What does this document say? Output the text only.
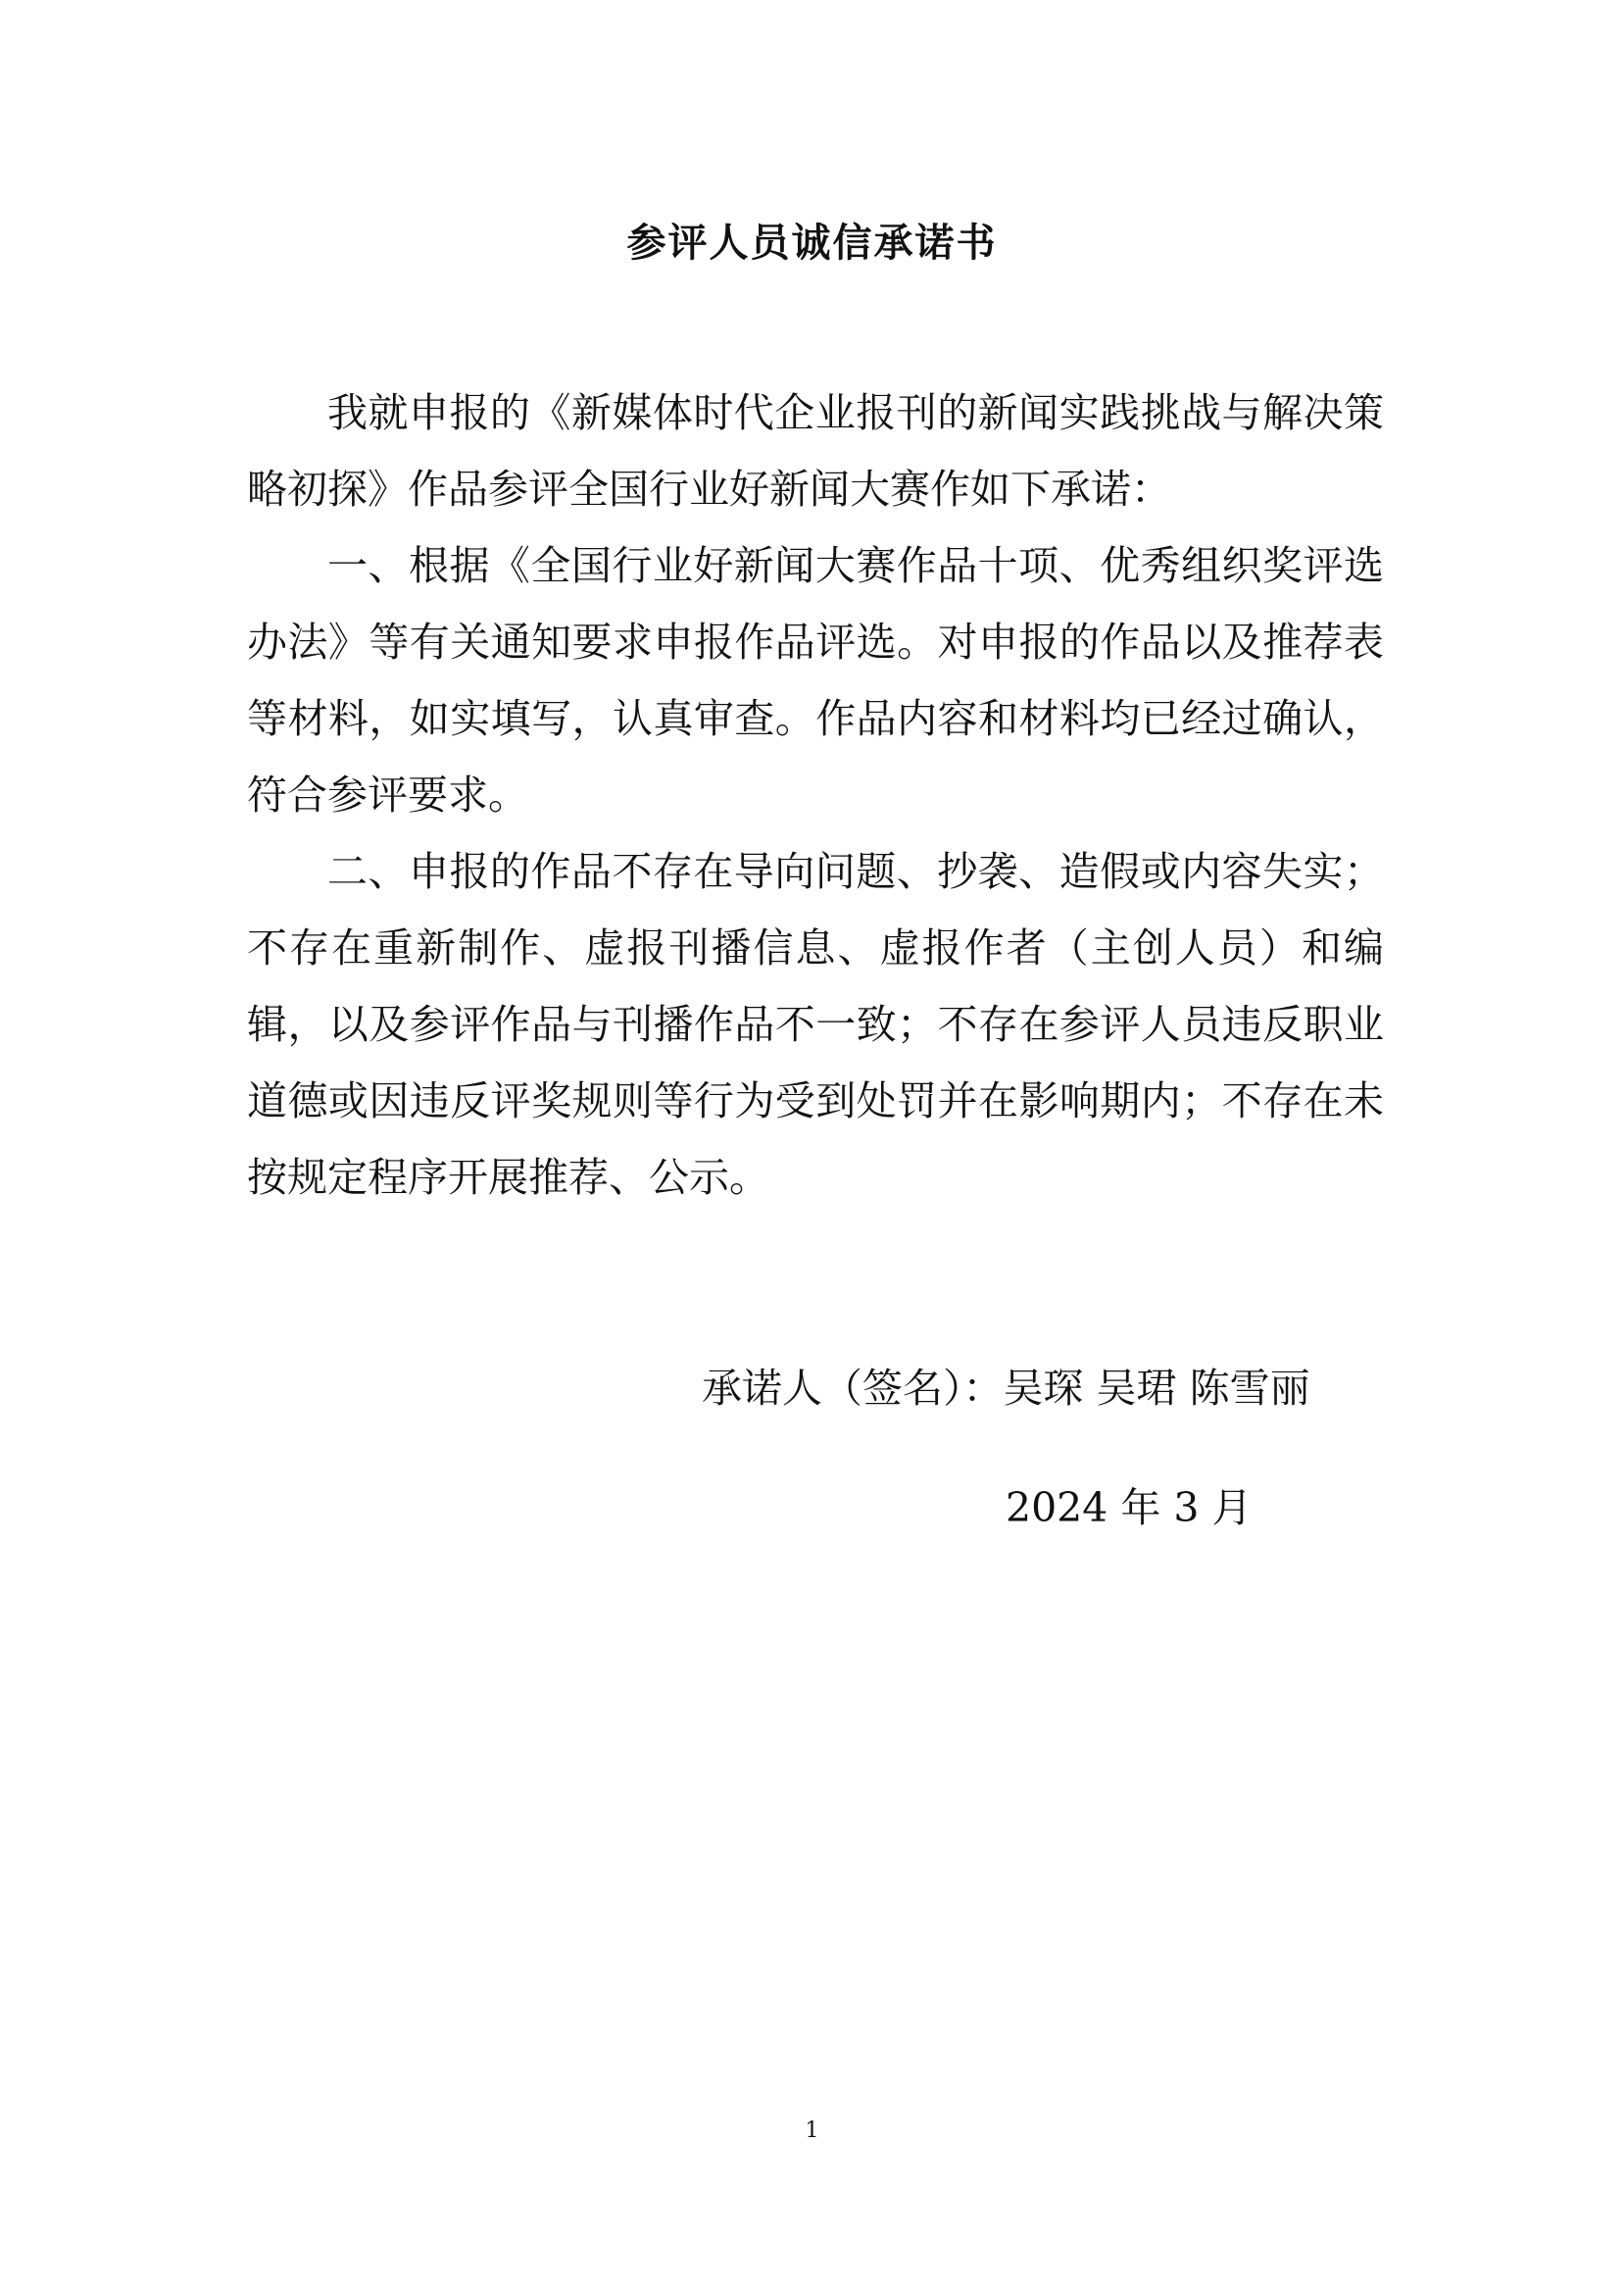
参评人员诚信承诺书

我就申报的《新媒体时代企业报刊的新闻实践挑战与解决策略初探》作品参评全国行业好新闻大赛作如下承诺：

一、根据《全国行业好新闻大赛作品十项、优秀组织奖评选办法》等有关通知要求申报作品评选。对申报的作品以及推荐表等材料，如实填写，认真审查。作品内容和材料均已经过确认，符合参评要求。

二、申报的作品不存在导向问题、抄袭、造假或内容失实；不存在重新制作、虚报刊播信息、虚报作者（主创人员）和编辑，以及参评作品与刊播作品不一致；不存在参评人员违反职业道德或因违反评奖规则等行为受到处罚并在影响期内；不存在未按规定程序开展推荐、公示。

承诺人（签名）：吴琛 吴珺 陈雪丽
2024 年 3 月
1
